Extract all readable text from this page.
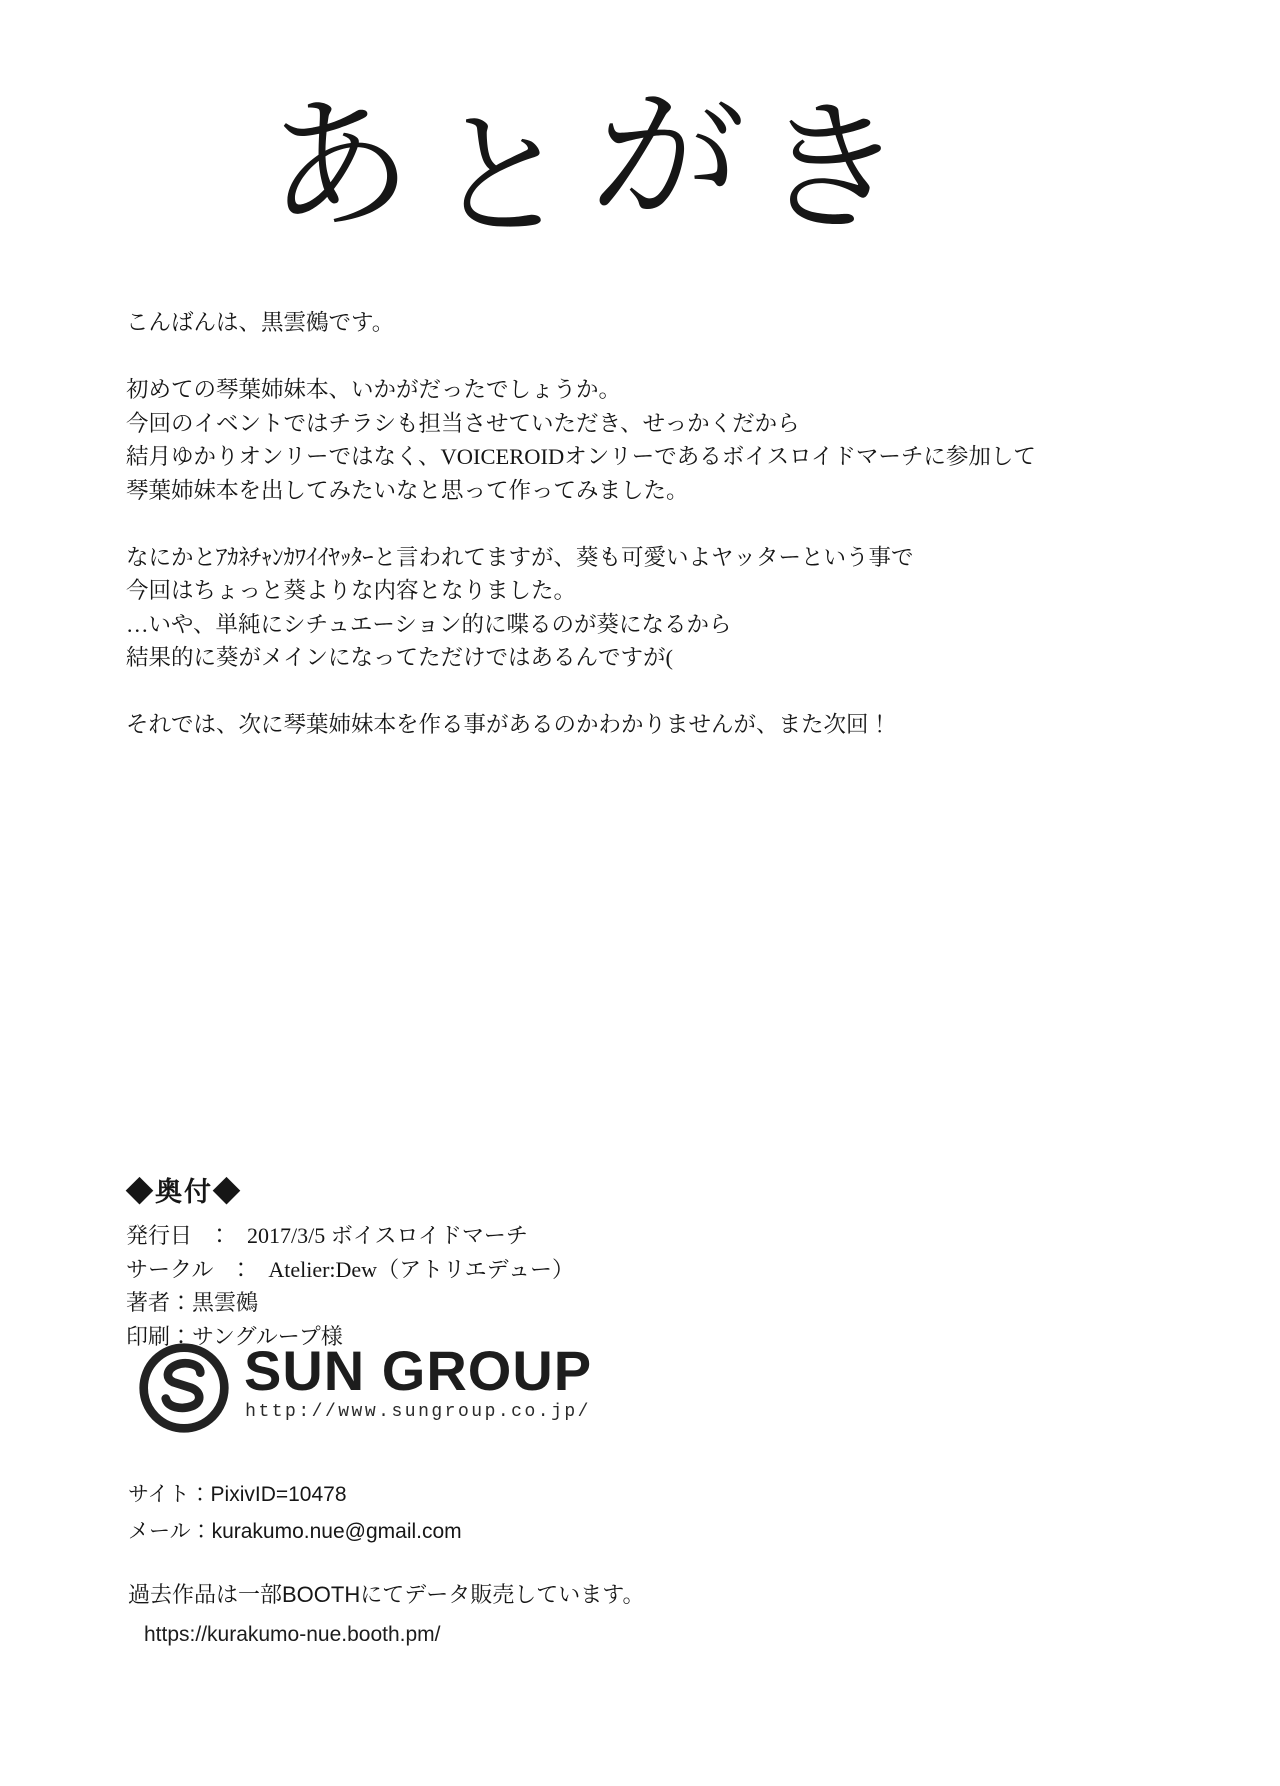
あ と が き
こんばんは、黒雲鵺です。
初めての琴葉姉妹本、いかがだったでしょうか。
今回のイベントではチラシも担当させていただき、せっかくだから
結月ゆかりオンリーではなく、VOICEROIDオンリーであるボイスロイドマーチに参加して
琴葉姉妹本を出してみたいなと思って作ってみました。
なにかとｱｶﾈﾁｬﾝｶﾜｲｲﾔｯﾀｰと言われてますが、葵も可愛いよヤッターという事で
今回はちょっと葵よりな内容となりました。
…いや、単純にシチュエーション的に喋るのが葵になるから
結果的に葵がメインになってただけではあるんですが(
それでは、次に琴葉姉妹本を作る事があるのかわかりませんが、また次回！
◆奥付◆
発行日　：　2017/3/5 ボイスロイドマーチ
サークル　：　Atelier:Dew（アトリエデュー）
著者：黒雲鵺
印刷：サングループ様
SUN GROUP
http://www.sungroup.co.jp/
サイト：PixivID=10478
メール：kurakumo.nue@gmail.com
過去作品は一部BOOTHにてデータ販売しています。
https://kurakumo-nue.booth.pm/
